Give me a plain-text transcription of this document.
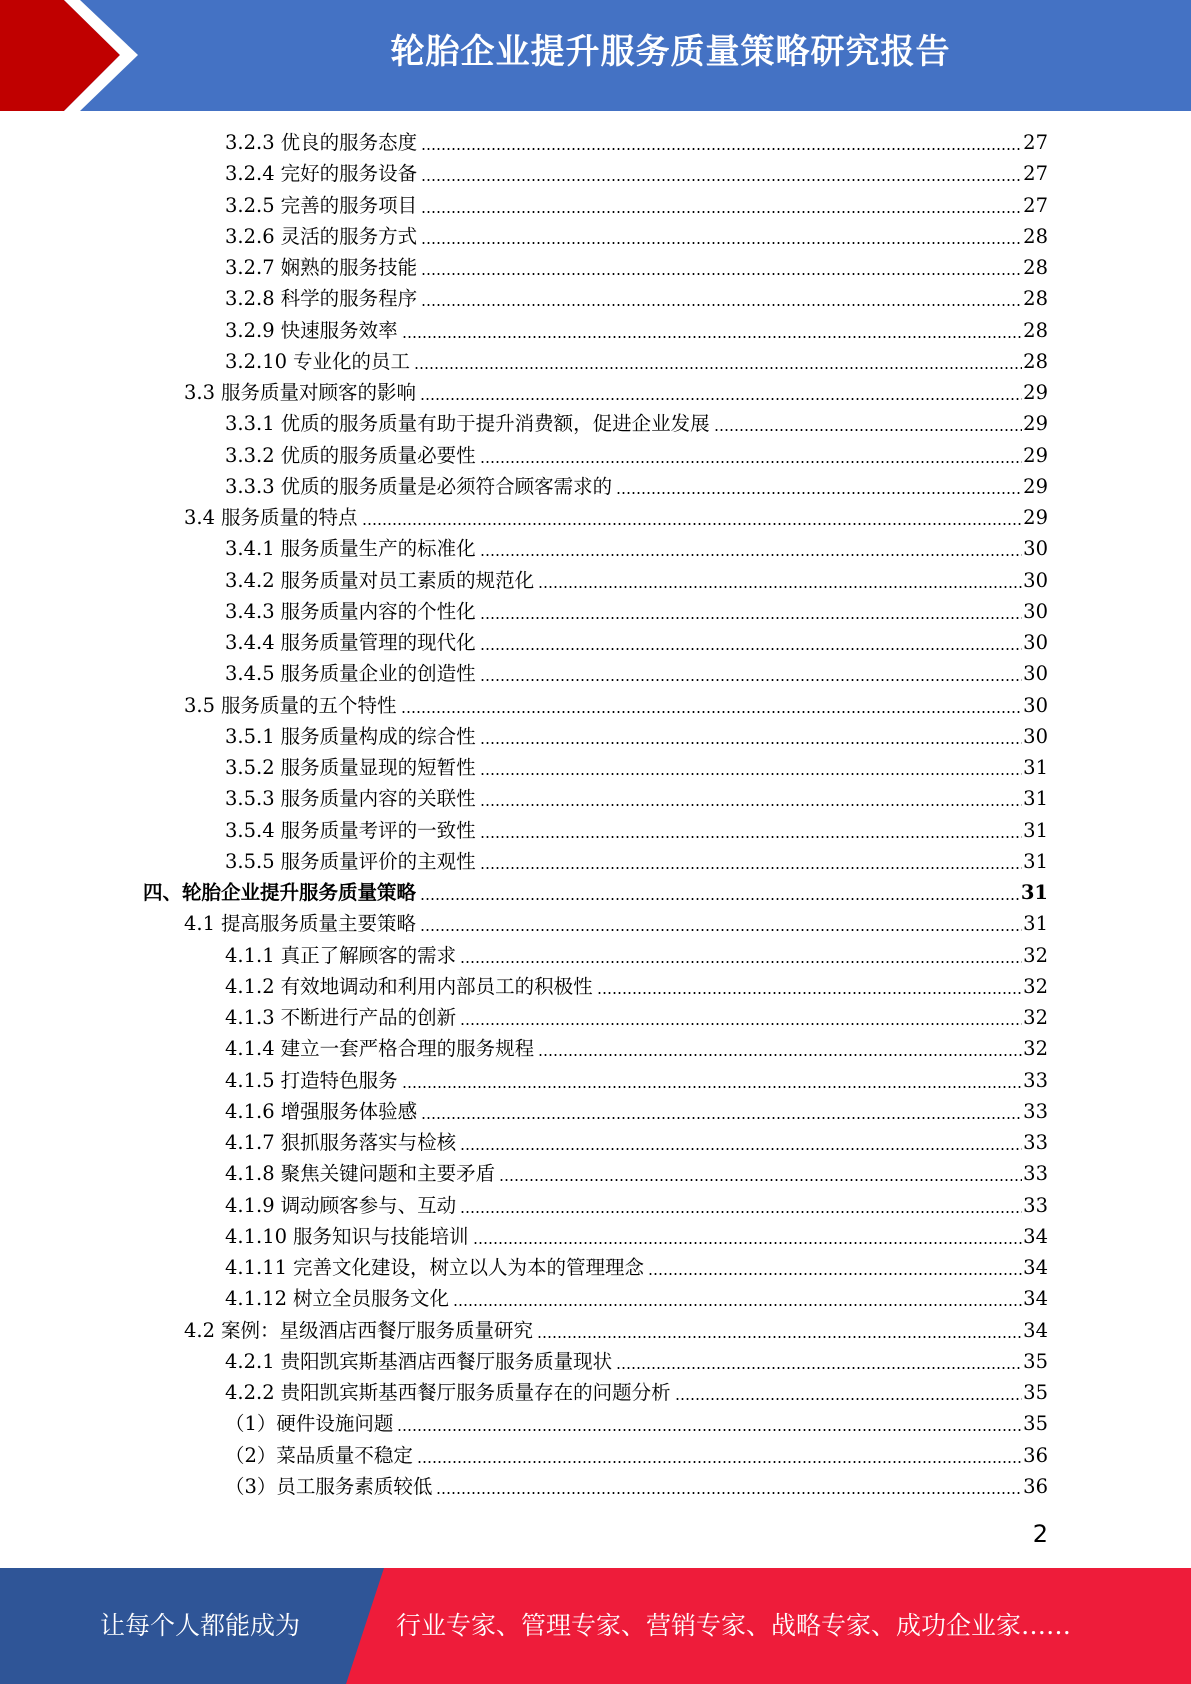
轮胎企业提升服务质量策略研究报告
3.2.3 优良的服务态度	27
3.2.4 完好的服务设备	27
3.2.5 完善的服务项目	27
3.2.6 灵活的服务方式	28
3.2.7 娴熟的服务技能	28
3.2.8 科学的服务程序	28
3.2.9 快速服务效率	28
3.2.10 专业化的员工	28
3.3 服务质量对顾客的影响	29
3.3.1 优质的服务质量有助于提升消费额，促进企业发展	29
3.3.2 优质的服务质量必要性	29
3.3.3 优质的服务质量是必须符合顾客需求的	29
3.4 服务质量的特点	29
3.4.1 服务质量生产的标准化	30
3.4.2 服务质量对员工素质的规范化	30
3.4.3 服务质量内容的个性化	30
3.4.4 服务质量管理的现代化	30
3.4.5 服务质量企业的创造性	30
3.5 服务质量的五个特性	30
3.5.1 服务质量构成的综合性	30
3.5.2 服务质量显现的短暂性	31
3.5.3 服务质量内容的关联性	31
3.5.4 服务质量考评的一致性	31
3.5.5 服务质量评价的主观性	31
四、轮胎企业提升服务质量策略	31
4.1 提高服务质量主要策略	31
4.1.1 真正了解顾客的需求	32
4.1.2 有效地调动和利用内部员工的积极性	32
4.1.3 不断进行产品的创新	32
4.1.4 建立一套严格合理的服务规程	32
4.1.5 打造特色服务	33
4.1.6 增强服务体验感	33
4.1.7 狠抓服务落实与检核	33
4.1.8 聚焦关键问题和主要矛盾	33
4.1.9 调动顾客参与、互动	33
4.1.10 服务知识与技能培训	34
4.1.11 完善文化建设，树立以人为本的管理理念	34
4.1.12 树立全员服务文化	34
4.2 案例：星级酒店西餐厅服务质量研究	34
4.2.1 贵阳凯宾斯基酒店西餐厅服务质量现状	35
4.2.2 贵阳凯宾斯基西餐厅服务质量存在的问题分析	35
（1）硬件设施问题	35
（2）菜品质量不稳定	36
（3）员工服务素质较低	36
2
让每个人都能成为	行业专家、管理专家、营销专家、战略专家、成功企业家……
